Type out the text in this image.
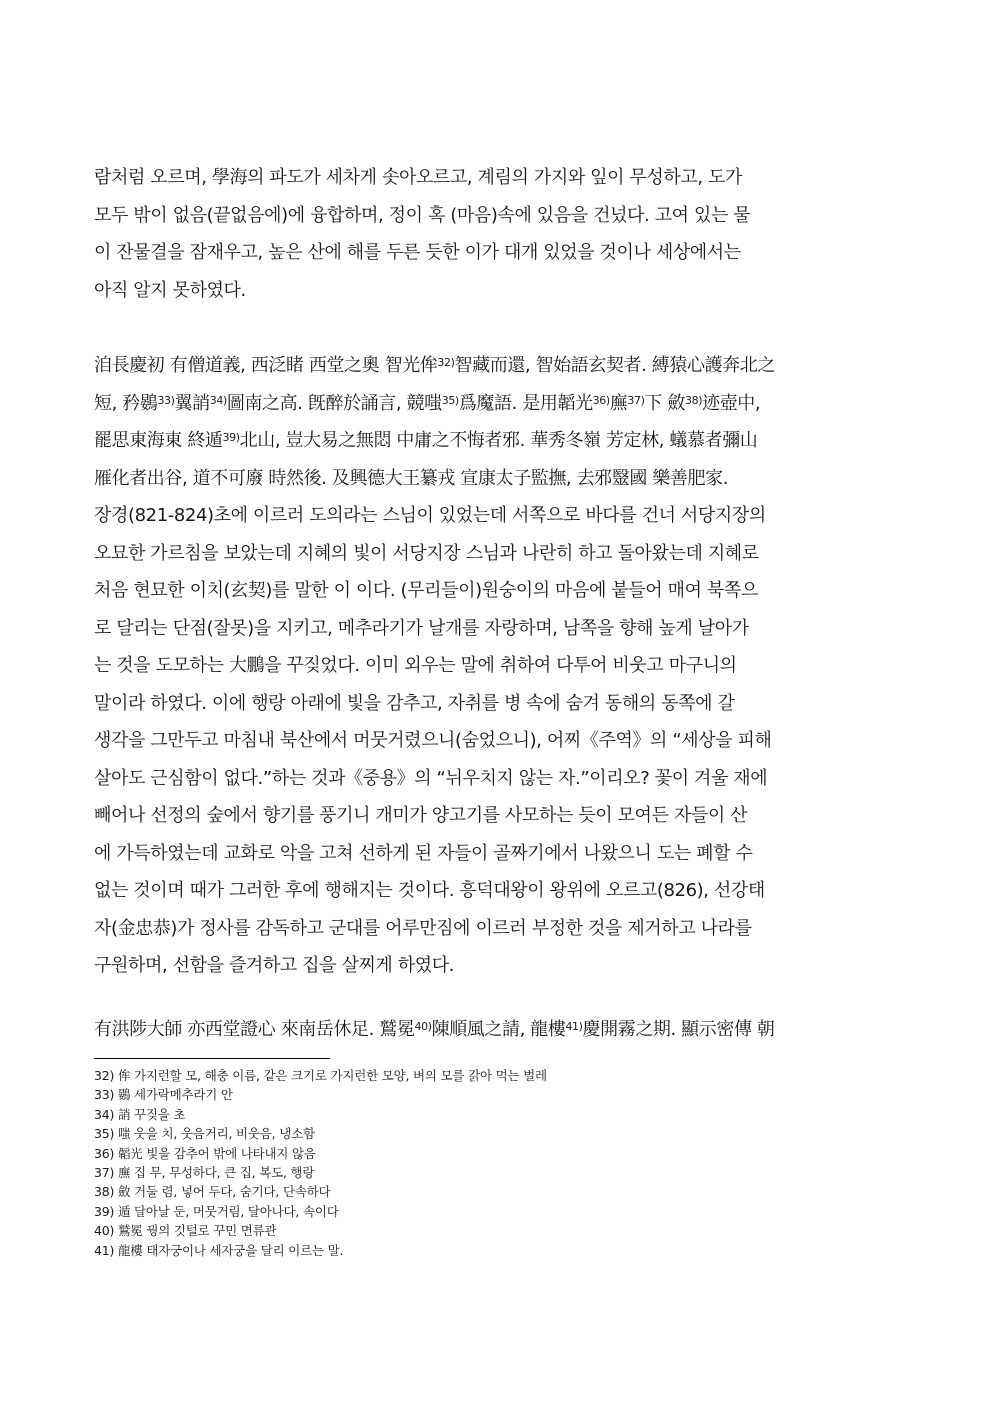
람처럼 오르며, 學海의 파도가 세차게 솟아오르고, 계림의 가지와 잎이 무성하고, 도가

모두 밖이 없음(끝없음에)에 융합하며, 정이 혹 (마음)속에 있음을 건넜다. 고여 있는 물

이 잔물결을 잠재우고, 높은 산에 해를 두른 듯한 이가 대개 있었을 것이나 세상에서는

아직 알지 못하였다.

洎長慶初 有僧道義, 西泛睹 西堂之奧 智光侔$^{32)}$智藏而還, 智始語玄契者. 縛猿心護奔北之

短, 矜鷃$^{33)}$翼誚$^{34)}$圖南之高. 旣醉於誦言, 競嗤$^{35)}$爲魔語. 是用韜光$^{36)}$廡$^{37)}$下 斂$^{38)}$迹壺中,

罷思東海東 終遁$^{39)}$北山, 豈大易之無悶 中庸之不悔者邪. 華秀冬嶺 芳定林, 蟻慕者彌山

雁化者出谷, 道不可廢 時然後. 及興德大王纂戎 宣康太子監撫, 去邪毉國 樂善肥家.

장경(821-824)초에 이르러 도의라는 스님이 있었는데 서쪽으로 바다를 건너 서당지장의

오묘한 가르침을 보았는데 지혜의 빛이 서당지장 스님과 나란히 하고 돌아왔는데 지혜로

처음 현묘한 이치(玄契)를 말한 이 이다. (무리들이)원숭이의 마음에 붙들어 매여 북쪽으

로 달리는 단점(잘못)을 지키고, 메추라기가 날개를 자랑하며, 남쪽을 향해 높게 날아가

는 것을 도모하는 大鵬을 꾸짖었다. 이미 외우는 말에 취하여 다투어 비웃고 마구니의

말이라 하였다. 이에 행랑 아래에 빛을 감추고, 자취를 병 속에 숨겨 동해의 동쪽에 갈

생각을 그만두고 마침내 북산에서 머뭇거렸으니(숨었으니), 어찌《주역》의 “세상을 피해

살아도 근심함이 없다.”하는 것과《중용》의 “뉘우치지 않는 자.”이리오? 꽃이 겨울 재에

빼어나 선정의 숲에서 향기를 풍기니 개미가 양고기를 사모하는 듯이 모여든 자들이 산

에 가득하였는데 교화로 악을 고쳐 선하게 된 자들이 골짜기에서 나왔으니 도는 폐할 수

없는 것이며 때가 그러한 후에 행해지는 것이다. 흥덕대왕이 왕위에 오르고(826), 선강태

자(金忠恭)가 정사를 감독하고 군대를 어루만짐에 이르러 부정한 것을 제거하고 나라를

구원하며, 선함을 즐겨하고 집을 살찌게 하였다.

有洪陟大師 亦西堂證心 來南岳休足. 鷲冕$^{40)}$陳順風之請, 龍樓$^{41)}$慶開霧之期. 顯示密傳 朝

32) 侔 가지런할 모, 해충 이름, 같은 크기로 가지런한 모양, 벼의 모를 갉아 먹는 벌레
33) 鷃 세가락메추라기 안
34) 誚 꾸짖을 초
35) 嗤 웃을 치, 웃음거리, 비웃음, 냉소함
36) 韜光 빛을 감추어 밖에 나타내지 않음
37) 廡 집 무, 무성하다, 큰 집, 복도, 행랑
38) 斂 거둘 렴, 넣어 두다, 숨기다, 단속하다
39) 遁 달아날 둔, 머뭇거림, 달아나다, 속이다
40) 鷲冕 꿩의 깃털로 꾸민 면류관
41) 龍樓 태자궁이나 세자궁을 달리 이르는 말.
